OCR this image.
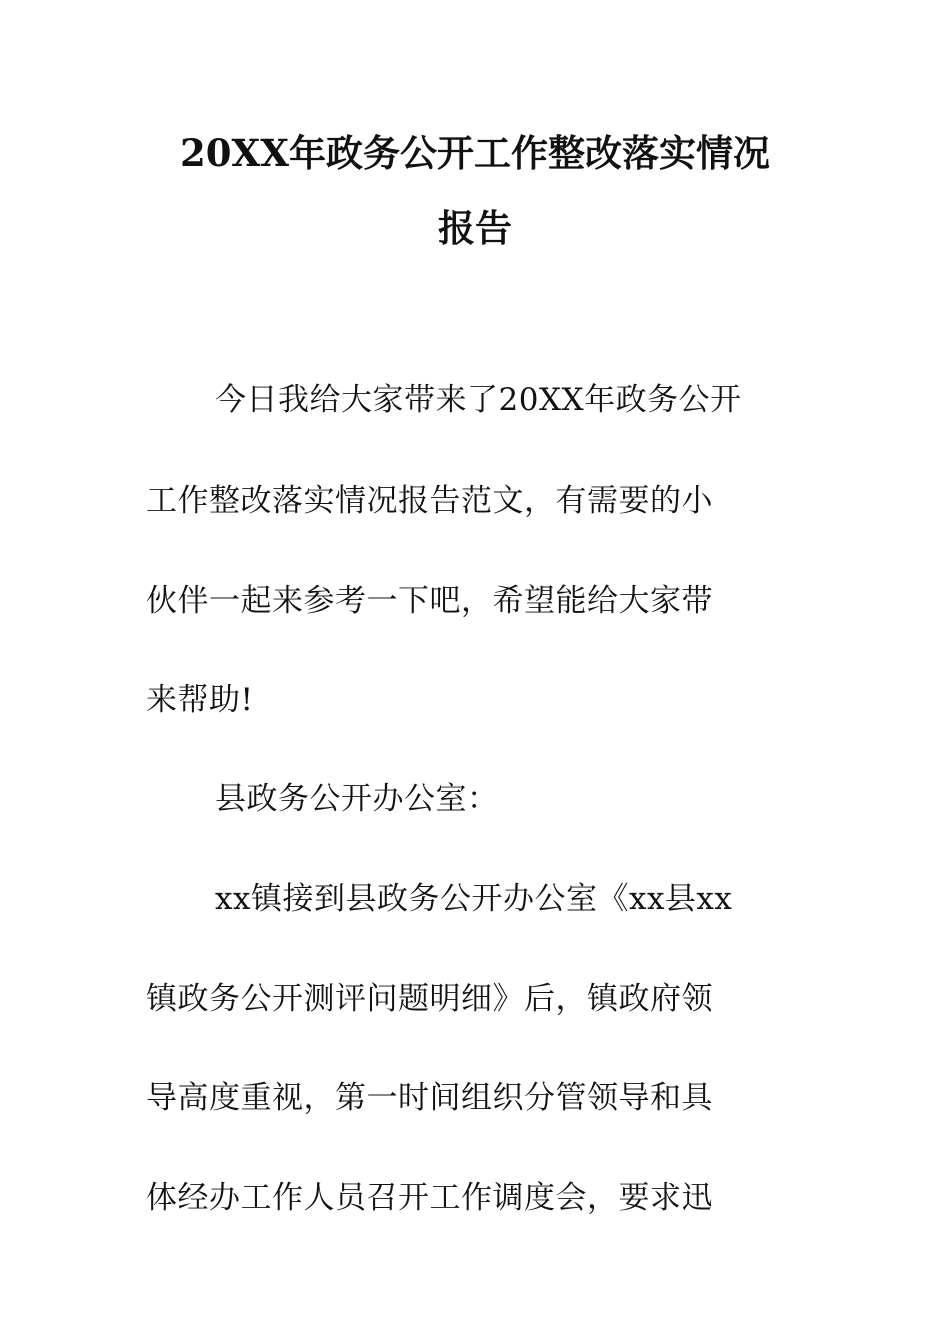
20XX年政务公开工作整改落实情况
报告
今日我给大家带来了20XX年政务公开
工作整改落实情况报告范文，有需要的小
伙伴一起来参考一下吧，希望能给大家带
来帮助!
县政务公开办公室：
xx镇接到县政务公开办公室《xx县xx
镇政务公开测评问题明细》后，镇政府领
导高度重视，第一时间组织分管领导和具
体经办工作人员召开工作调度会，要求迅
